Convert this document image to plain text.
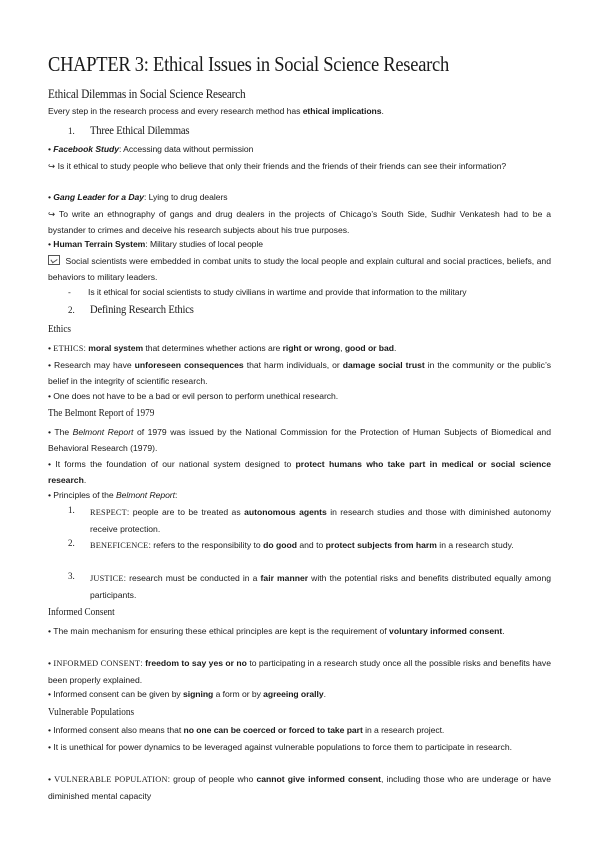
CHAPTER 3: Ethical Issues in Social Science Research
Ethical Dilemmas in Social Science Research
Every step in the research process and every research method has ethical implications.
1. Three Ethical Dilemmas
• Facebook Study: Accessing data without permission
↪ Is it ethical to study people who believe that only their friends and the friends of their friends can see their information?
• Gang Leader for a Day: Lying to drug dealers
↪ To write an ethnography of gangs and drug dealers in the projects of Chicago’s South Side, Sudhir Venkatesh had to be a bystander to crimes and deceive his research subjects about his true purposes.
• Human Terrain System: Military studies of local people
Social scientists were embedded in combat units to study the local people and explain cultural and social practices, beliefs, and behaviors to military leaders.
-	Is it ethical for social scientists to study civilians in wartime and provide that information to the military
2. Defining Research Ethics
Ethics
• ETHICS: moral system that determines whether actions are right or wrong, good or bad.
• Research may have unforeseen consequences that harm individuals, or damage social trust in the community or the public’s belief in the integrity of scientific research.
• One does not have to be a bad or evil person to perform unethical research.
The Belmont Report of 1979
• The Belmont Report of 1979 was issued by the National Commission for the Protection of Human Subjects of Biomedical and Behavioral Research (1979).
• It forms the foundation of our national system designed to protect humans who take part in medical or social science research.
• Principles of the Belmont Report:
1. RESPECT: people are to be treated as autonomous agents in research studies and those with diminished autonomy receive protection.
2. BENEFICENCE: refers to the responsibility to do good and to protect subjects from harm in a research study.
3. JUSTICE: research must be conducted in a fair manner with the potential risks and benefits distributed equally among participants.
Informed Consent
• The main mechanism for ensuring these ethical principles are kept is the requirement of voluntary informed consent.
• INFORMED CONSENT: freedom to say yes or no to participating in a research study once all the possible risks and benefits have been properly explained.
• Informed consent can be given by signing a form or by agreeing orally.
Vulnerable Populations
• Informed consent also means that no one can be coerced or forced to take part in a research project.
• It is unethical for power dynamics to be leveraged against vulnerable populations to force them to participate in research.
• VULNERABLE POPULATION: group of people who cannot give informed consent, including those who are underage or have diminished mental capacity
